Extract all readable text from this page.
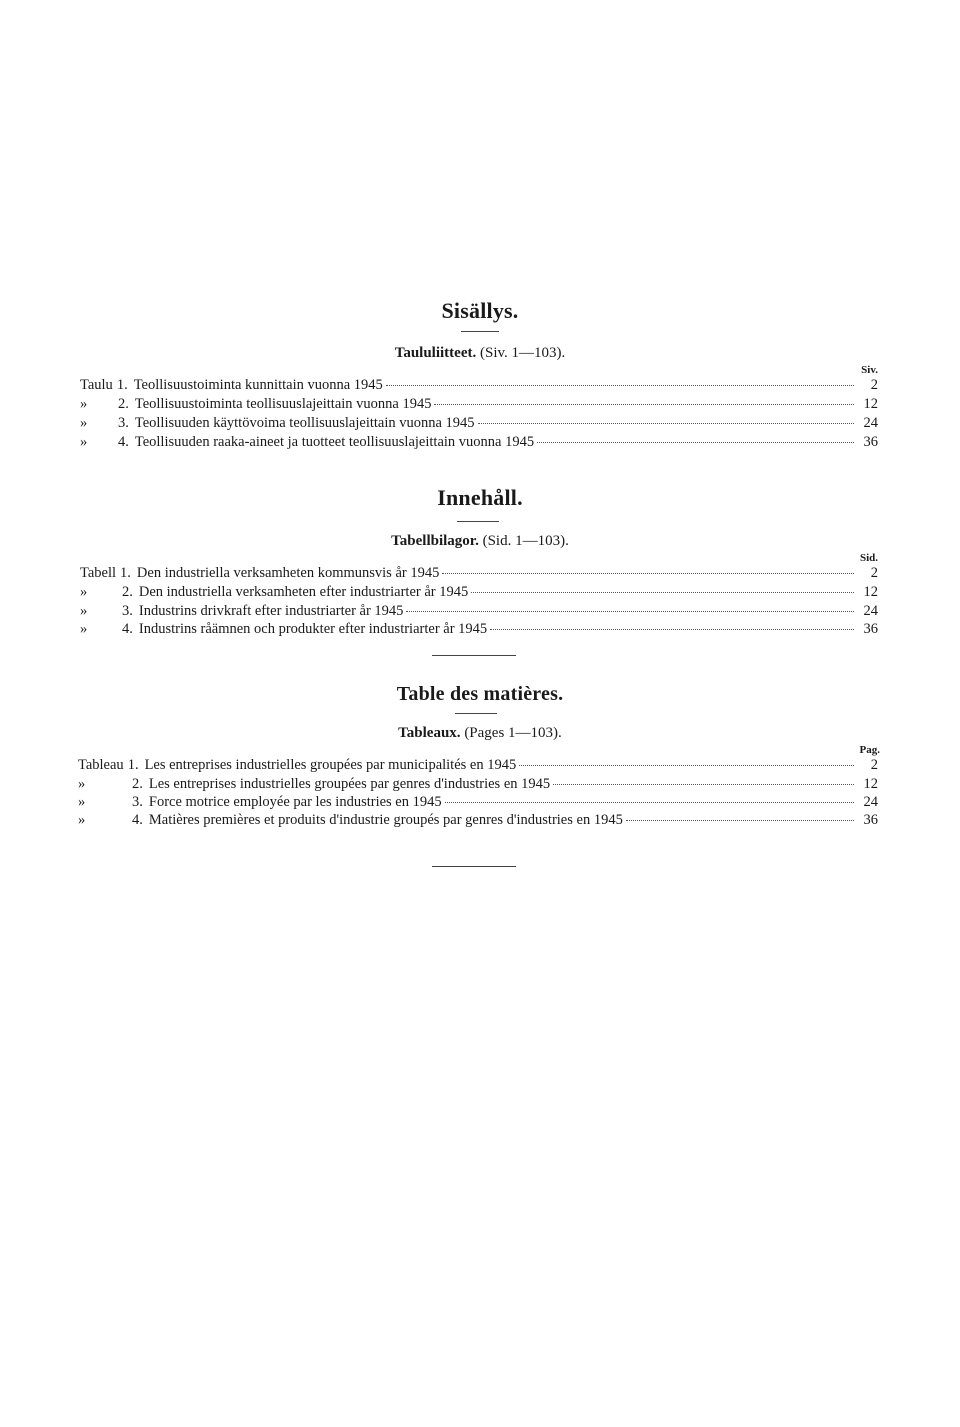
Sisällys.
Taululiitteet. (Siv. 1—103).
Siv.
Taulu 1. Teollisuustoiminta kunnittain vuonna 1945	2
»	2. Teollisuustoiminta teollisuuslajeittain vuonna 1945	12
»	3. Teollisuuden käyttövoima teollisuuslajeittain vuonna 1945	24
»	4. Teollisuuden raaka-aineet ja tuotteet teollisuuslajeittain vuonna 1945	36
Innehåll.
Tabellbilagor. (Sid. 1—103).
Sid.
Tabell 1. Den industriella verksamheten kommunsvis år 1945	2
»	2. Den industriella verksamheten efter industriarter år 1945	12
»	3. Industrins drivkraft efter industriarter år 1945	24
»	4. Industrins råämnen och produkter efter industriarter år 1945	36
Table des matières.
Tableaux. (Pages 1—103).
Pag.
Tableau 1. Les entreprises industrielles groupées par municipalités en 1945	2
»	2. Les entreprises industrielles groupées par genres d'industries en 1945	12
»	3. Force motrice employée par les industries en 1945	24
»	4. Matières premières et produits d'industrie groupés par genres d'industries en 1945	36
